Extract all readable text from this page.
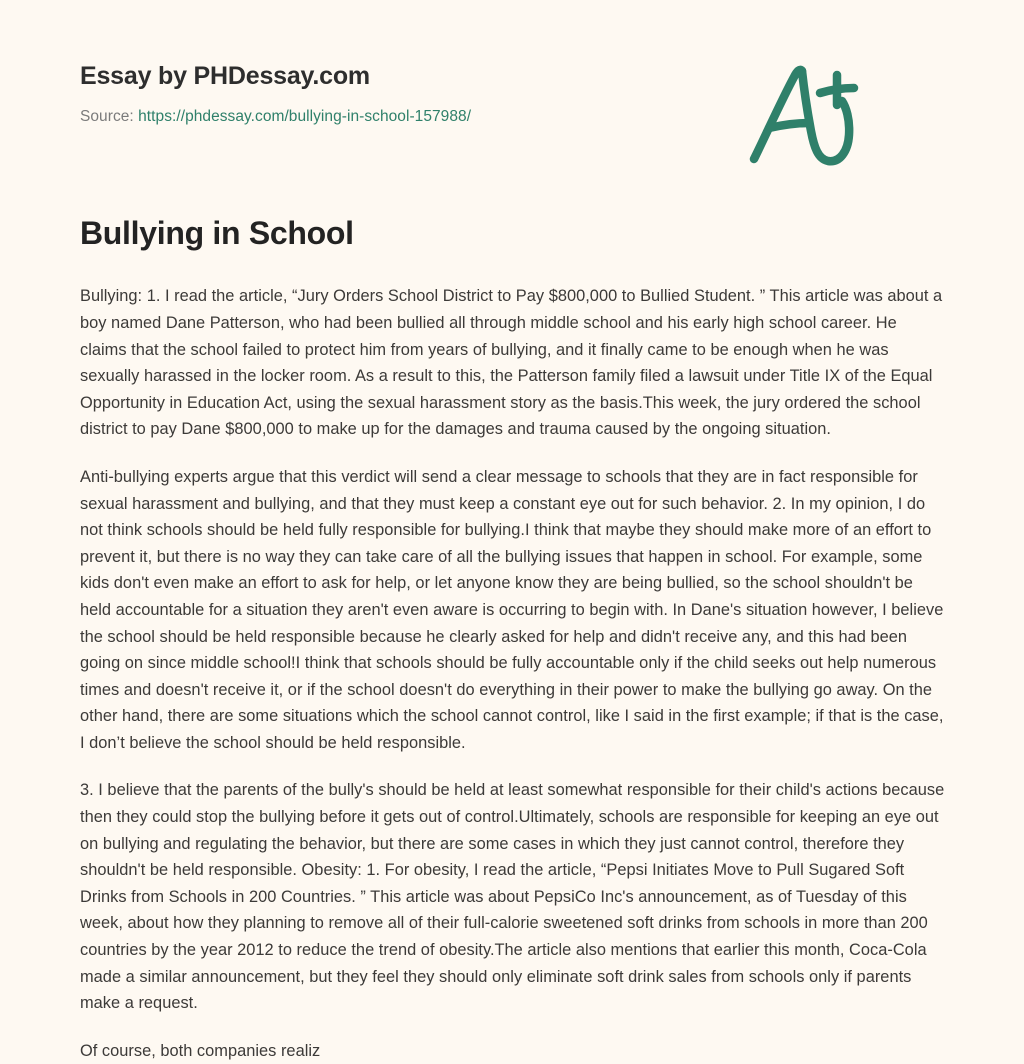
Essay by PHDessay.com
Source: https://phdessay.com/bullying-in-school-157988/
Bullying in School

Bullying: 1. I read the article, “Jury Orders School District to Pay $800,000 to Bullied Student. ” This article was about a boy named Dane Patterson, who had been bullied all through middle school and his early high school career. He claims that the school failed to protect him from years of bullying, and it finally came to be enough when he was sexually harassed in the locker room. As a result to this, the Patterson family filed a lawsuit under Title IX of the Equal Opportunity in Education Act, using the sexual harassment story as the basis.This week, the jury ordered the school district to pay Dane $800,000 to make up for the damages and trauma caused by the ongoing situation.

Anti-bullying experts argue that this verdict will send a clear message to schools that they are in fact responsible for sexual harassment and bullying, and that they must keep a constant eye out for such behavior. 2. In my opinion, I do not think schools should be held fully responsible for bullying.I think that maybe they should make more of an effort to prevent it, but there is no way they can take care of all the bullying issues that happen in school. For example, some kids don't even make an effort to ask for help, or let anyone know they are being bullied, so the school shouldn't be held accountable for a situation they aren't even aware is occurring to begin with. In Dane's situation however, I believe the school should be held responsible because he clearly asked for help and didn't receive any, and this had been going on since middle school!I think that schools should be fully accountable only if the child seeks out help numerous times and doesn't receive it, or if the school doesn't do everything in their power to make the bullying go away. On the other hand, there are some situations which the school cannot control, like I said in the first example; if that is the case, I don’t believe the school should be held responsible.

3. I believe that the parents of the bully's should be held at least somewhat responsible for their child's actions because then they could stop the bullying before it gets out of control.Ultimately, schools are responsible for keeping an eye out on bullying and regulating the behavior, but there are some cases in which they just cannot control, therefore they shouldn't be held responsible. Obesity: 1. For obesity, I read the article, “Pepsi Initiates Move to Pull Sugared Soft Drinks from Schools in 200 Countries. ” This article was about PepsiCo Inc's announcement, as of Tuesday of this week, about how they planning to remove all of their full-calorie sweetened soft drinks from schools in more than 200 countries by the year 2012 to reduce the trend of obesity.The article also mentions that earlier this month, Coca-Cola made a similar announcement, but they feel they should only eliminate soft drink sales from schools only if parents make a request.

Of course, both companies realiz
